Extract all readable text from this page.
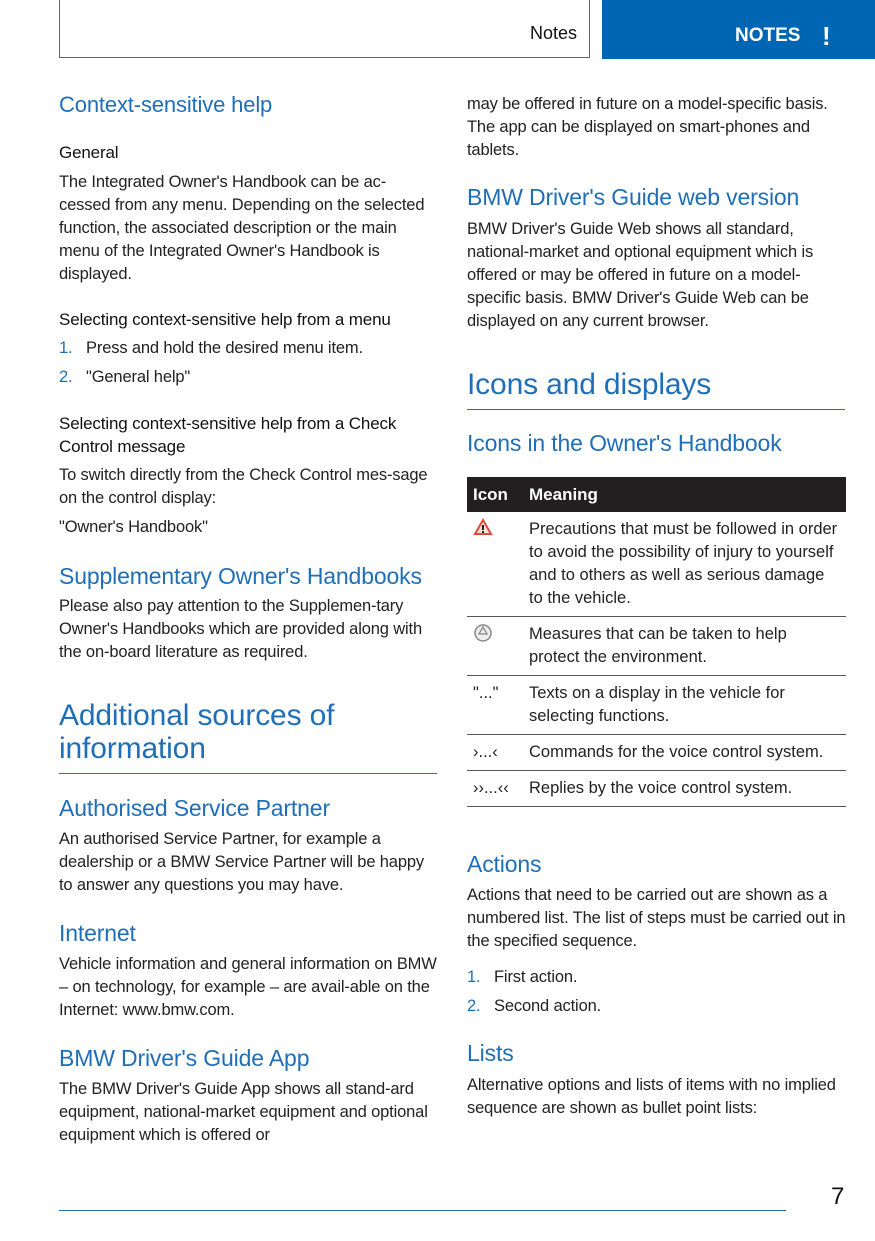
Notes	NOTES !
Context-sensitive help
General
The Integrated Owner's Handbook can be ac-cessed from any menu. Depending on the selected function, the associated description or the main menu of the Integrated Owner's Handbook is displayed.
Selecting context-sensitive help from a menu
1. Press and hold the desired menu item.
2. "General help"
Selecting context-sensitive help from a Check Control message
To switch directly from the Check Control mes-sage on the control display:
"Owner's Handbook"
Supplementary Owner's Handbooks
Please also pay attention to the Supplemen-tary Owner's Handbooks which are provided along with the on-board literature as required.
Additional sources of information
Authorised Service Partner
An authorised Service Partner, for example a dealership or a BMW Service Partner will be happy to answer any questions you may have.
Internet
Vehicle information and general information on BMW – on technology, for example – are avail-able on the Internet: www.bmw.com.
BMW Driver's Guide App
The BMW Driver's Guide App shows all stand-ard equipment, national-market equipment and optional equipment which is offered or
may be offered in future on a model-specific basis. The app can be displayed on smart-phones and tablets.
BMW Driver's Guide web version
BMW Driver's Guide Web shows all standard, national-market and optional equipment which is offered or may be offered in future on a model-specific basis. BMW Driver's Guide Web can be displayed on any current browser.
Icons and displays
Icons in the Owner's Handbook
Icon	Meaning
	Precautions that must be followed in order to avoid the possibility of injury to yourself and to others as well as serious damage to the vehicle.
	Measures that can be taken to help protect the environment.
"..."	Texts on a display in the vehicle for selecting functions.
›...‹	Commands for the voice control system.
››...‹‹	Replies by the voice control system.
Actions
Actions that need to be carried out are shown as a numbered list. The list of steps must be carried out in the specified sequence.
1. First action.
2. Second action.
Lists
Alternative options and lists of items with no implied sequence are shown as bullet point lists:
7
